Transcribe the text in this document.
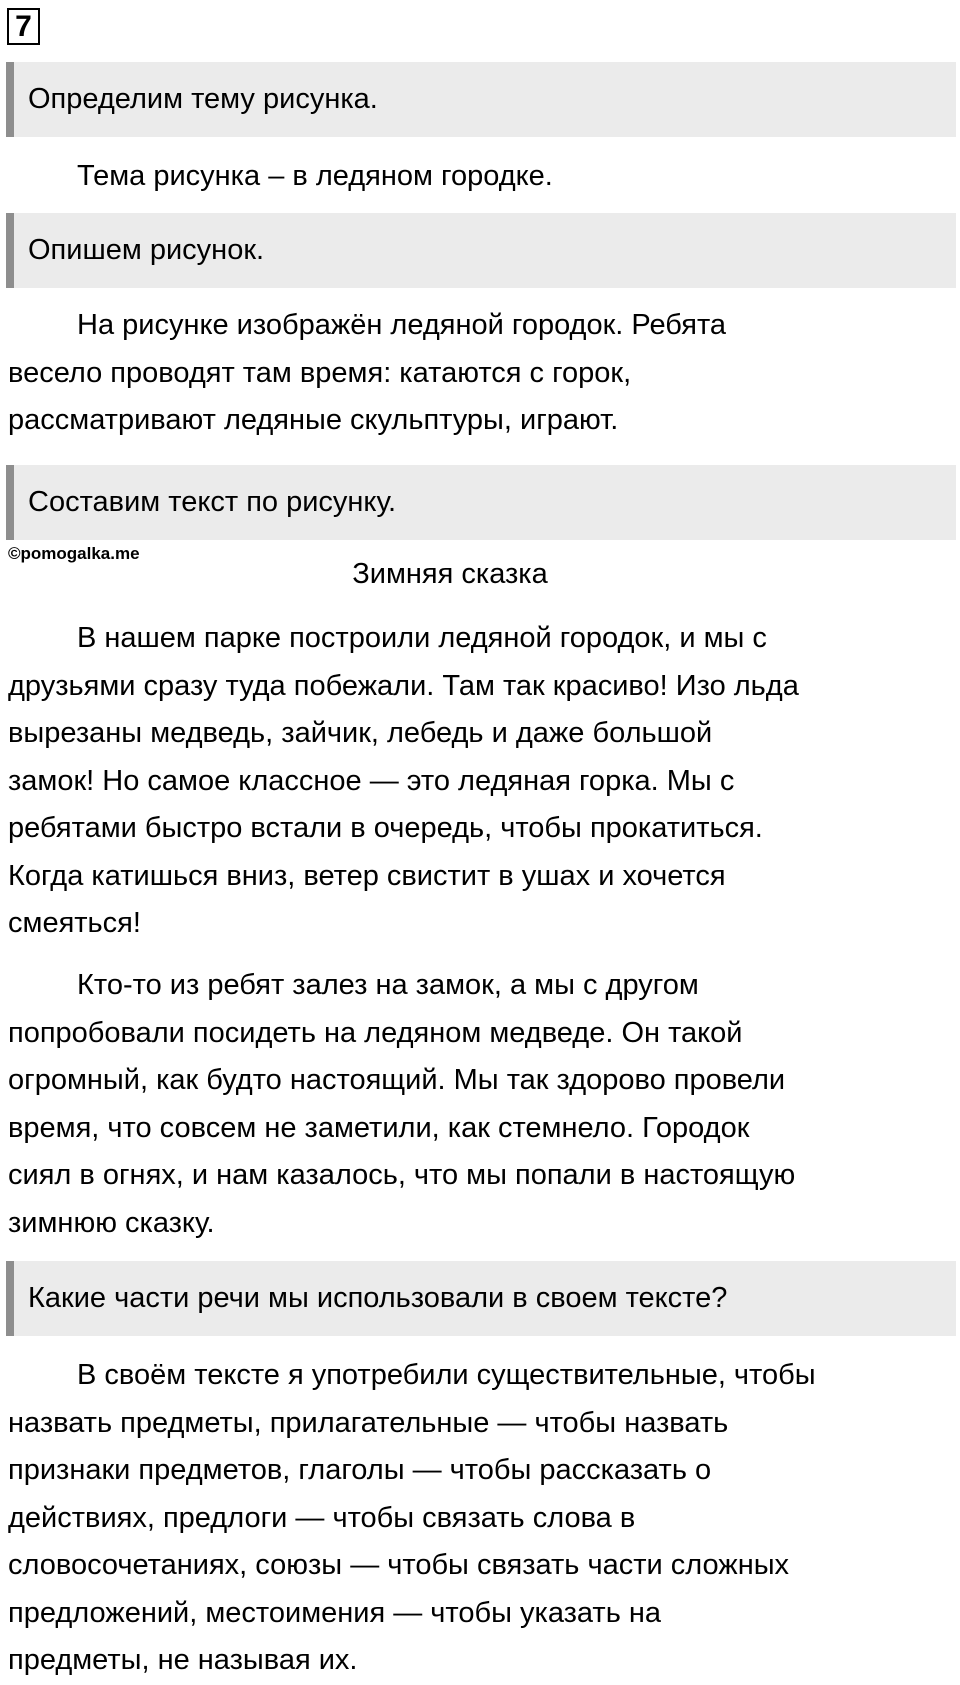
7
Определим тему рисунка.

Тема рисунка – в ледяном городке.

Опишем рисунок.

На рисунке изображён ледяной городок. Ребята
весело проводят там время: катаются с горок,
рассматривают ледяные скульптуры, играют.

Составим текст по рисунку.
©pomogalka.me
Зимняя сказка

В нашем парке построили ледяной городок, и мы с
друзьями сразу туда побежали. Там так красиво! Изо льда
вырезаны медведь, зайчик, лебедь и даже большой
замок! Но самое классное — это ледяная горка. Мы с
ребятами быстро встали в очередь, чтобы прокатиться.
Когда катишься вниз, ветер свистит в ушах и хочется
смеяться!

Кто-то из ребят залез на замок, а мы с другом
попробовали посидеть на ледяном медведе. Он такой
огромный, как будто настоящий. Мы так здорово провели
время, что совсем не заметили, как стемнело. Городок
сиял в огнях, и нам казалось, что мы попали в настоящую
зимнюю сказку.

Какие части речи мы использовали в своем тексте?

В своём тексте я употребили существительные, чтобы
назвать предметы, прилагательные — чтобы назвать
признаки предметов, глаголы — чтобы рассказать о
действиях, предлоги — чтобы связать слова в
словосочетаниях, союзы — чтобы связать части сложных
предложений, местоимения — чтобы указать на
предметы, не называя их.
